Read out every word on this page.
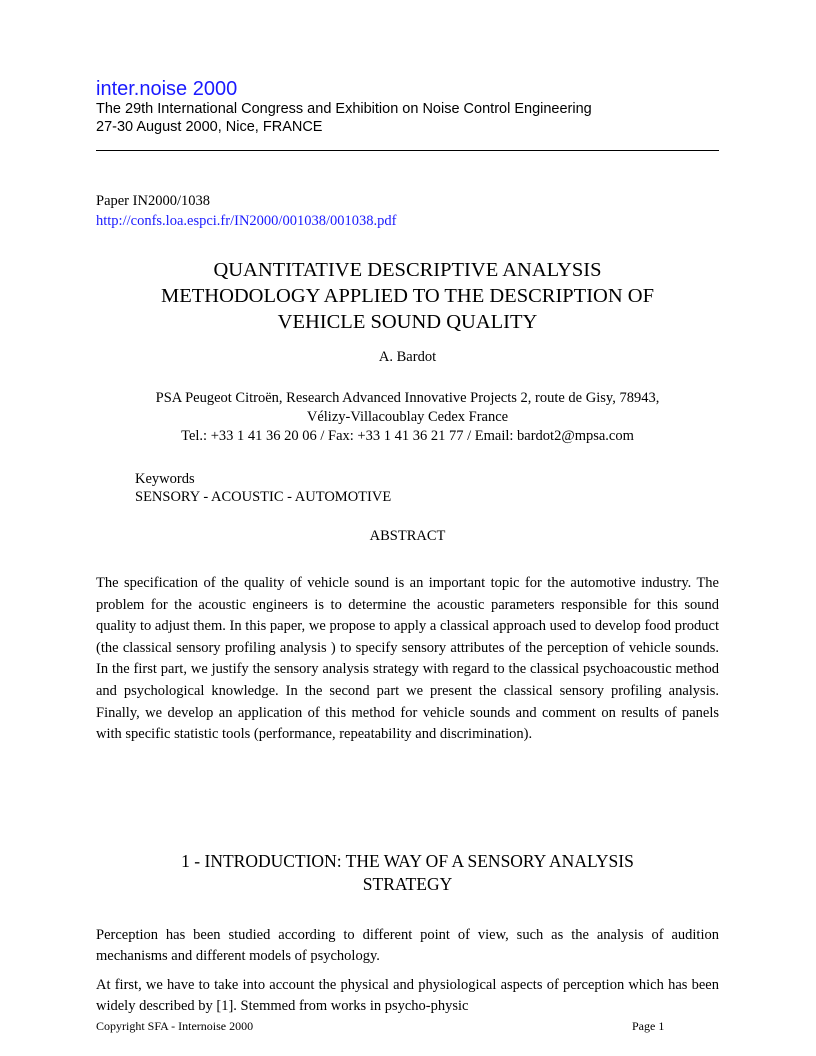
inter.noise 2000
The 29th International Congress and Exhibition on Noise Control Engineering
27-30 August 2000, Nice, FRANCE
Paper IN2000/1038
http://confs.loa.espci.fr/IN2000/001038/001038.pdf
QUANTITATIVE DESCRIPTIVE ANALYSIS
METHODOLOGY APPLIED TO THE DESCRIPTION OF
VEHICLE SOUND QUALITY
A. Bardot
PSA Peugeot Citroën, Research Advanced Innovative Projects 2, route de Gisy, 78943,
Vélizy-Villacoublay Cedex France
Tel.: +33 1 41 36 20 06 / Fax: +33 1 41 36 21 77 / Email: bardot2@mpsa.com
Keywords
SENSORY - ACOUSTIC - AUTOMOTIVE
ABSTRACT
The specification of the quality of vehicle sound is an important topic for the automotive industry. The problem for the acoustic engineers is to determine the acoustic parameters responsible for this sound quality to adjust them. In this paper, we propose to apply a classical approach used to develop food product (the classical sensory profiling analysis ) to specify sensory attributes of the perception of vehicle sounds. In the first part, we justify the sensory analysis strategy with regard to the classical psychoacoustic method and psychological knowledge. In the second part we present the classical sensory profiling analysis. Finally, we develop an application of this method for vehicle sounds and comment on results of panels with specific statistic tools (performance, repeatability and discrimination).
1 - INTRODUCTION: THE WAY OF A SENSORY ANALYSIS
STRATEGY
Perception has been studied according to different point of view, such as the analysis of audition mechanisms and different models of psychology.
At first, we have to take into account the physical and physiological aspects of perception which has been widely described by [1]. Stemmed from works in psycho-physic
Copyright SFA - Internoise 2000	Page 1
